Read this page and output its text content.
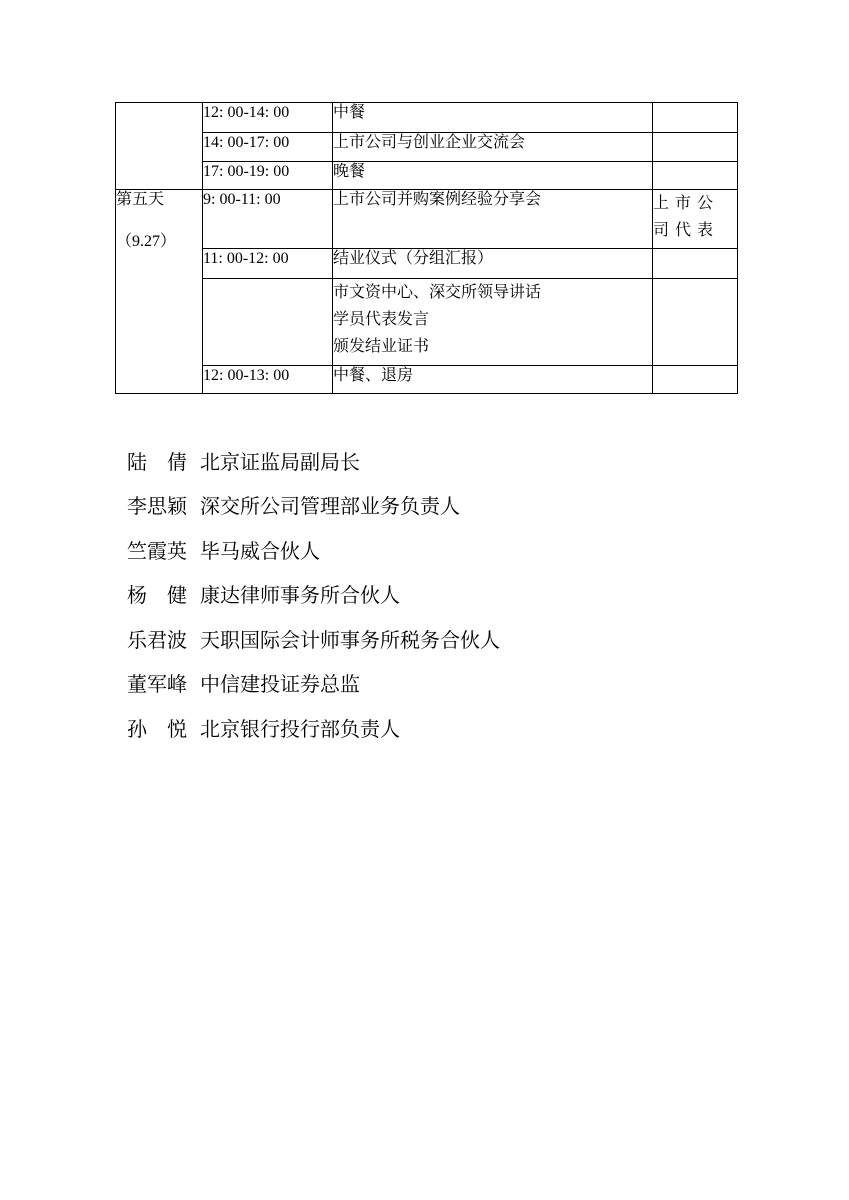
	12: 00-14: 00	中餐	
	14: 00-17: 00	上市公司与创业企业交流会	
	17: 00-19: 00	晚餐	

第五天
（9.27）	9: 00-11: 00	上市公司并购案例经验分享会	上市公司代表

	11: 00-12: 00	结业仪式（分组汇报）	

		市文资中心、深交所领导讲话
学员代表发言
颁发结业证书	

	12: 00-13: 00	中餐、退房	
陆　倩 北京证监局副局长
李思颖 深交所公司管理部业务负责人
竺霞英 毕马威合伙人
杨　健 康达律师事务所合伙人
乐君波 天职国际会计师事务所税务合伙人
董军峰 中信建投证券总监
孙　悦 北京银行投行部负责人
